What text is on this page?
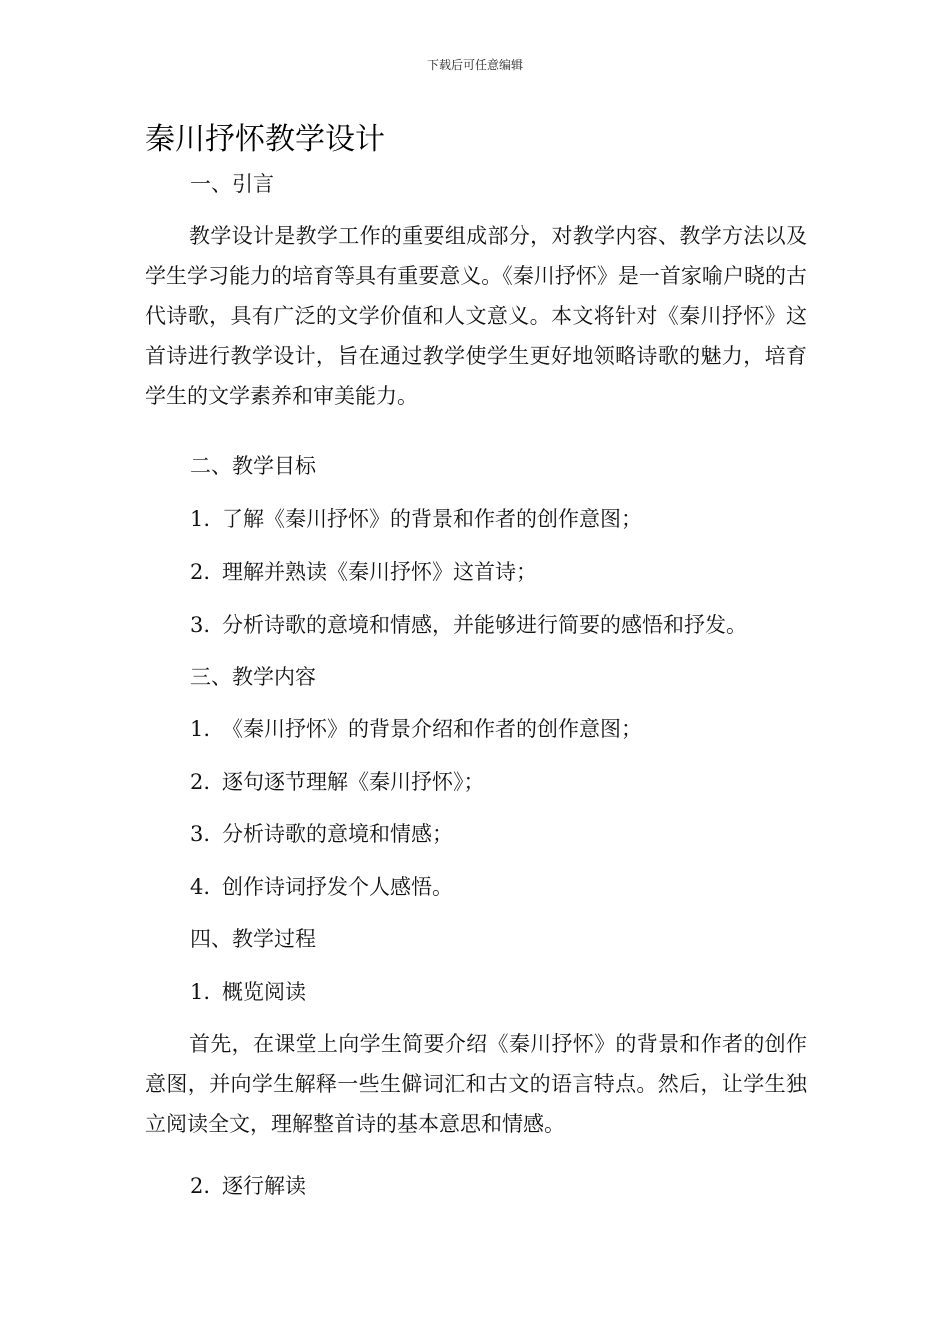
下载后可任意编辑
秦川抒怀教学设计

一、引言

教学设计是教学工作的重要组成部分，对教学内容、教学方法以及学生学习能力的培育等具有重要意义。《秦川抒怀》是一首家喻户晓的古代诗歌，具有广泛的文学价值和人文意义。本文将针对《秦川抒怀》这首诗进行教学设计，旨在通过教学使学生更好地领略诗歌的魅力，培育学生的文学素养和审美能力。

二、教学目标

1. 了解《秦川抒怀》的背景和作者的创作意图；

2. 理解并熟读《秦川抒怀》这首诗；

3. 分析诗歌的意境和情感，并能够进行简要的感悟和抒发。

三、教学内容

1. 《秦川抒怀》的背景介绍和作者的创作意图；

2. 逐句逐节理解《秦川抒怀》；

3. 分析诗歌的意境和情感；

4. 创作诗词抒发个人感悟。

四、教学过程

1. 概览阅读

首先，在课堂上向学生简要介绍《秦川抒怀》的背景和作者的创作意图，并向学生解释一些生僻词汇和古文的语言特点。然后，让学生独立阅读全文，理解整首诗的基本意思和情感。

2. 逐行解读
